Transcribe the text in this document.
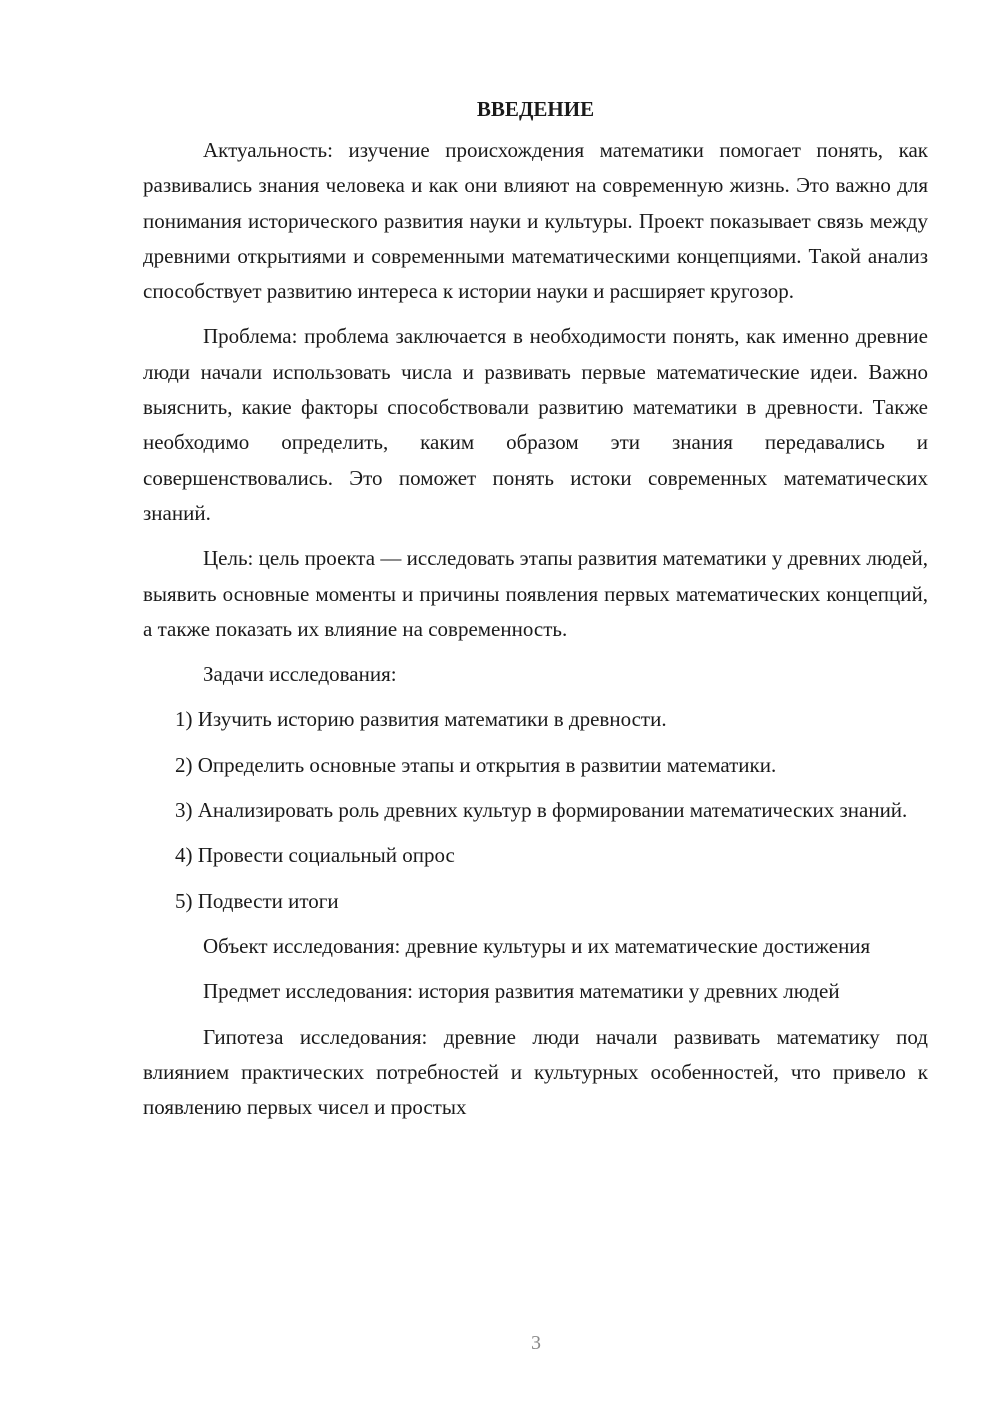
ВВЕДЕНИЕ

Актуальность: изучение происхождения математики помогает понять, как развивались знания человека и как они влияют на современную жизнь. Это важно для понимания исторического развития науки и культуры. Проект показывает связь между древними открытиями и современными математическими концепциями. Такой анализ способствует развитию интереса к истории науки и расширяет кругозор.

Проблема: проблема заключается в необходимости понять, как именно древние люди начали использовать числа и развивать первые математические идеи. Важно выяснить, какие факторы способствовали развитию математики в древности. Также необходимо определить, каким образом эти знания передавались и совершенствовались. Это поможет понять истоки современных математических знаний.

Цель: цель проекта — исследовать этапы развития математики у древних людей, выявить основные моменты и причины появления первых математических концепций, а также показать их влияние на современность.

Задачи исследования:

1) Изучить историю развития математики в древности.

2) Определить основные этапы и открытия в развитии математики.

3) Анализировать роль древних культур в формировании математических знаний.

4) Провести социальный опрос

5) Подвести итоги

Объект исследования: древние культуры и их математические достижения

Предмет исследования: история развития математики у древних людей

Гипотеза исследования: древние люди начали развивать математику под влиянием практических потребностей и культурных особенностей, что привело к появлению первых чисел и простых

3
